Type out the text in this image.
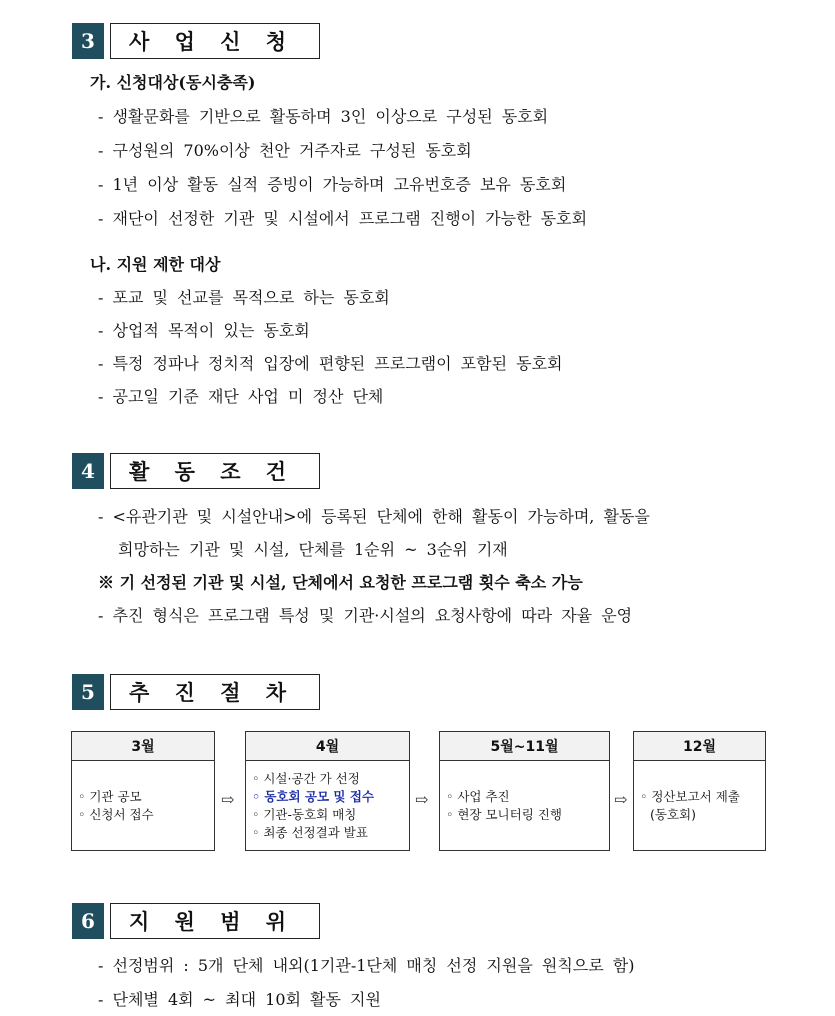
3	사 업 신 청
가. 신청대상(동시충족)
- 생활문화를 기반으로 활동하며 3인 이상으로 구성된 동호회
- 구성원의 70%이상 천안 거주자로 구성된 동호회
- 1년 이상 활동 실적 증빙이 가능하며 고유번호증 보유 동호회
- 재단이 선정한 기관 및 시설에서 프로그램 진행이 가능한 동호회
나. 지원 제한 대상
- 포교 및 선교를 목적으로 하는 동호회
- 상업적 목적이 있는 동호회
- 특정 정파나 정치적 입장에 편향된 프로그램이 포함된 동호회
- 공고일 기준 재단 사업 미 정산 단체
4	활 동 조 건
- <유관기관 및 시설안내>에 등록된 단체에 한해 활동이 가능하며, 활동을
희망하는 기관 및 시설, 단체를 1순위 ~ 3순위 기재
※ 기 선정된 기관 및 시설, 단체에서 요청한 프로그램 횟수 축소 가능
- 추진 형식은 프로그램 특성 및 기관·시설의 요청사항에 따라 자율 운영
5	추 진 절 차
3월
◦ 기관 공모
◦ 신청서 접수
⇨
4월
◦ 시설·공간 가 선정
◦ 동호회 공모 및 접수
◦ 기관-동호회 매칭
◦ 최종 선정결과 발표
⇨
5월~11월
◦ 사업 추진
◦ 현장 모니터링 진행
⇨
12월
◦ 정산보고서 제출
(동호회)
6	지 원 범 위
- 선정범위 : 5개 단체 내외(1기관-1단체 매칭 선정 지원을 원칙으로 함)
- 단체별 4회 ~ 최대 10회 활동 지원
